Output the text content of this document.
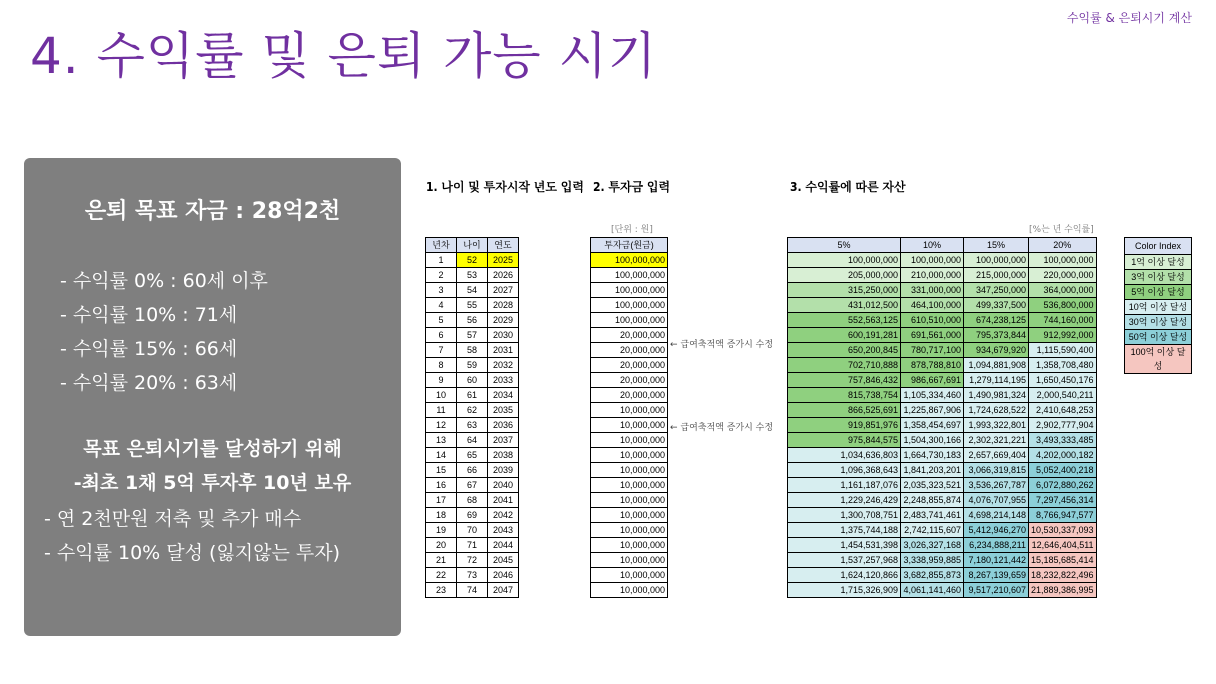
수익률 & 은퇴시기 계산
4. 수익률 및 은퇴 가능 시기
은퇴 목표 자금 : 28억2천
- 수익률 0% : 60세 이후
- 수익률 10% : 71세
- 수익률 15% : 66세
- 수익률 20% : 63세
목표 은퇴시기를 달성하기 위해
-최초 1채 5억 투자후 10년 보유
- 연 2천만원 저축 및 추가 매수
- 수익률 10% 달성 (잃지않는 투자)
1. 나이 및 투자시작 년도 입력 2. 투자금 입력	3. 수익률에 따른 자산
[단위 : 원]	[%는 년 수익률]
년차	나이	연도
1	52	2025
2	53	2026
3	54	2027
4	55	2028
5	56	2029
6	57	2030
7	58	2031
8	59	2032
9	60	2033
10	61	2034
11	62	2035
12	63	2036
13	64	2037
14	65	2038
15	66	2039
16	67	2040
17	68	2041
18	69	2042
19	70	2043
20	71	2044
21	72	2045
22	73	2046
23	74	2047
투자금(원금)
100,000,000
100,000,000
100,000,000
100,000,000
100,000,000
20,000,000
20,000,000
20,000,000
20,000,000
20,000,000
10,000,000
10,000,000
10,000,000
10,000,000
10,000,000
10,000,000
10,000,000
10,000,000
10,000,000
10,000,000
10,000,000
10,000,000
10,000,000
← 급여축적액 증가시 수정
← 급여축적액 증가시 수정
5%	10%	15%	20%
100,000,000	100,000,000	100,000,000	100,000,000
205,000,000	210,000,000	215,000,000	220,000,000
315,250,000	331,000,000	347,250,000	364,000,000
431,012,500	464,100,000	499,337,500	536,800,000
552,563,125	610,510,000	674,238,125	744,160,000
600,191,281	691,561,000	795,373,844	912,992,000
650,200,845	780,717,100	934,679,920	1,115,590,400
702,710,888	878,788,810	1,094,881,908	1,358,708,480
757,846,432	986,667,691	1,279,114,195	1,650,450,176
815,738,754	1,105,334,460	1,490,981,324	2,000,540,211
866,525,691	1,225,867,906	1,724,628,522	2,410,648,253
919,851,976	1,358,454,697	1,993,322,801	2,902,777,904
975,844,575	1,504,300,166	2,302,321,221	3,493,333,485
1,034,636,803	1,664,730,183	2,657,669,404	4,202,000,182
1,096,368,643	1,841,203,201	3,066,319,815	5,052,400,218
1,161,187,076	2,035,323,521	3,536,267,787	6,072,880,262
1,229,246,429	2,248,855,874	4,076,707,955	7,297,456,314
1,300,708,751	2,483,741,461	4,698,214,148	8,766,947,577
1,375,744,188	2,742,115,607	5,412,946,270	10,530,337,093
1,454,531,398	3,026,327,168	6,234,888,211	12,646,404,511
1,537,257,968	3,338,959,885	7,180,121,442	15,185,685,414
1,624,120,866	3,682,855,873	8,267,139,659	18,232,822,496
1,715,326,909	4,061,141,460	9,517,210,607	21,889,386,995
Color Index
1억 이상 달성
3억 이상 달성
5억 이상 달성
10억 이상 달성
30억 이상 달성
50억 이상 달성
100억 이상 달성
